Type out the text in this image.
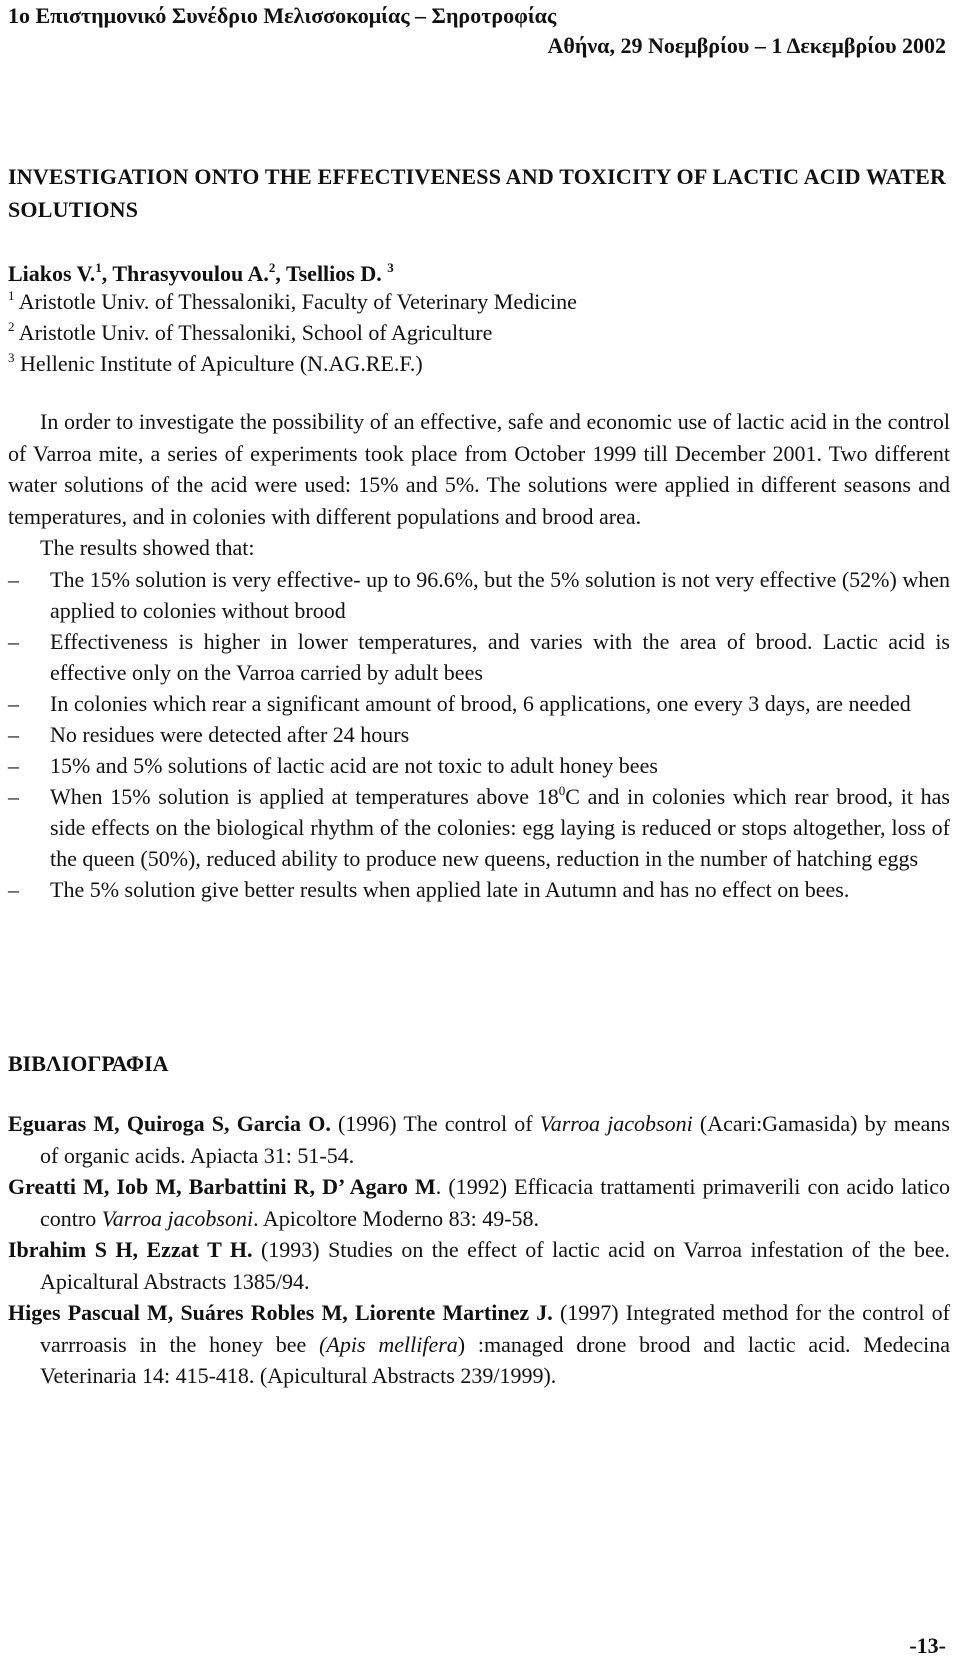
1ο Επιστημονικό Συνέδριο Μελισσοκομίας – Σηροτροφίας
Αθήνα, 29 Νοεμβρίου – 1 Δεκεμβρίου 2002
INVESTIGATION ONTO THE EFFECTIVENESS AND TOXICITY OF LACTIC ACID WATER SOLUTIONS
Liakos V.$^1$, Thrasyvoulou A.$^2$, Tsellios D. $^3$
$^1$ Aristotle Univ. of Thessaloniki, Faculty of Veterinary Medicine
$^2$ Aristotle Univ. of Thessaloniki, School of Agriculture
$^3$ Hellenic Institute of Apiculture (N.AG.RE.F.)

In order to investigate the possibility of an effective, safe and economic use of lactic acid in the control of Varroa mite, a series of experiments took place from October 1999 till December 2001. Two different water solutions of the acid were used: 15% and 5%. The solutions were applied in different seasons and temperatures, and in colonies with different populations and brood area.

The results showed that:

– The 15% solution is very effective- up to 96.6%, but the 5% solution is not very effective (52%) when applied to colonies without brood
– Effectiveness is higher in lower temperatures, and varies with the area of brood. Lactic acid is effective only on the Varroa carried by adult bees
– In colonies which rear a significant amount of brood, 6 applications, one every 3 days, are needed
– No residues were detected after 24 hours
– 15% and 5% solutions of lactic acid are not toxic to adult honey bees
– When 15% solution is applied at temperatures above $18^0C$ and in colonies which rear brood, it has side effects on the biological rhythm of the colonies: egg laying is reduced or stops altogether, loss of the queen (50%), reduced ability to produce new queens, reduction in the number of hatching eggs
– The 5% solution give better results when applied late in Autumn and has no effect on bees.
ΒΙΒΛΙΟΓΡΑΦΙΑ

Eguaras M, Quiroga S, Garcia O. (1996) The control of Varroa jacobsoni (Acari:Gamasida) by means of organic acids. Apiacta 31: 51-54.

Greatti M, Iob M, Barbattini R, D’ Agaro M. (1992) Efficacia trattamenti primaverili con acido latico contro Varroa jacobsoni. Apicoltore Moderno 83: 49-58.

Ibrahim S H, Ezzat T H. (1993) Studies on the effect of lactic acid on Varroa infestation of the bee. Apicaltural Abstracts 1385/94.

Higes Pascual M, Suáres Robles M, Liorente Martinez J. (1997) Integrated method for the control of varrroasis in the honey bee (Apis mellifera) :managed drone brood and lactic acid. Medecina Veterinaria 14: 415-418. (Apicultural Abstracts 239/1999).

-13-
